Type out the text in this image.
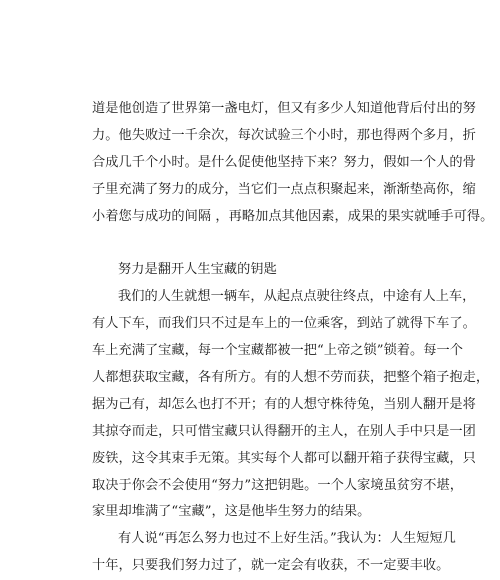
道是他创造了世界第一盏电灯，但又有多少人知道他背后付出的努
力。他失败过一千余次，每次试验三个小时，那也得两个多月，折
合成几千个小时。是什么促使他坚持下来？努力，假如一个人的骨
子里充满了努力的成分，当它们一点点积聚起来，渐渐垫高你，缩
小着您与成功的间隔 ，再略加点其他因素，成果的果实就唾手可得。
努力是翻开人生宝藏的钥匙
我们的人生就想一辆车，从起点点驶往终点，中途有人上车，
有人下车，而我们只不过是车上的一位乘客，到站了就得下车了。
车上充满了宝藏，每一个宝藏都被一把“上帝之锁”锁着。每一个
人都想获取宝藏，各有所方。有的人想不劳而获，把整个箱子抱走，
据为己有，却怎么也打不开；有的人想守株待兔，当别人翻开是将
其掠夺而走，只可惜宝藏只认得翻开的主人，在别人手中只是一团
废铁，这令其束手无策。其实每个人都可以翻开箱子获得宝藏，只
取决于你会不会使用“努力”这把钥匙。一个人家境虽贫穷不堪，
家里却堆满了“宝藏”，这是他毕生努力的结果。
有人说“再怎么努力也过不上好生活。”我认为：人生短短几
十年，只要我们努力过了，就一定会有收获，不一定要丰收。
